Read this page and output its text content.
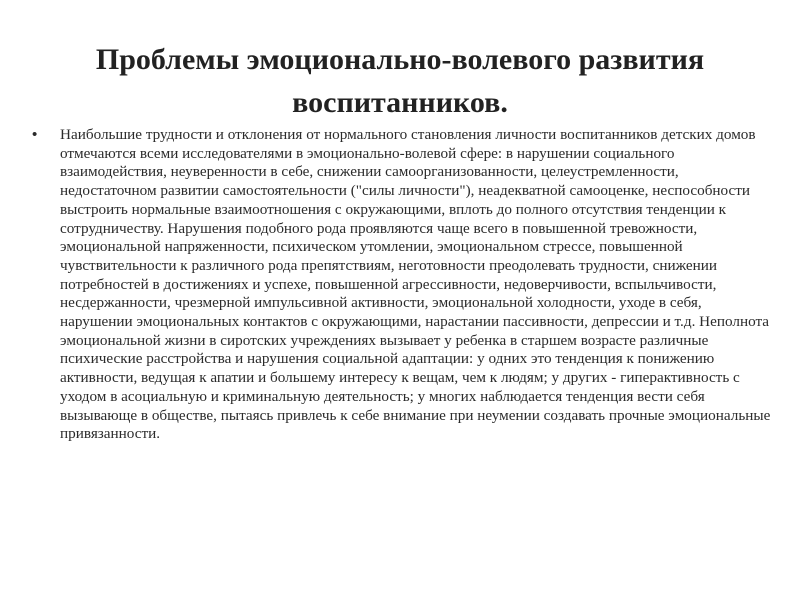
Проблемы эмоционально-волевого развития воспитанников.
• Наибольшие трудности и отклонения от нормального становления личности воспитанников детских домов отмечаются всеми исследователями в эмоционально-волевой сфере: в нарушении социального взаимодействия, неуверенности в себе, снижении самоорганизованности, целеустремленности, недостаточном развитии самостоятельности ("силы личности"), неадекватной самооценке, неспособности выстроить нормальные взаимоотношения с окружающими, вплоть до полного отсутствия тенденции к сотрудничеству. Нарушения подобного рода проявляются чаще всего в повышенной тревожности, эмоциональной напряженности, психическом утомлении, эмоциональном стрессе, повышенной чувствительности к различного рода препятствиям, неготовности преодолевать трудности, снижении потребностей в достижениях и успехе, повышенной агрессивности, недоверчивости, вспыльчивости, несдержанности, чрезмерной импульсивной активности, эмоциональной холодности, уходе в себя, нарушении эмоциональных контактов с окружающими, нарастании пассивности, депрессии и т.д. Неполнота эмоциональной жизни в сиротских учреждениях вызывает у ребенка в старшем возрасте различные психические расстройства и нарушения социальной адаптации: у одних это тенденция к понижению активности, ведущая к апатии и большему интересу к вещам, чем к людям; у других - гиперактивность с уходом в асоциальную и криминальную деятельность; у многих наблюдается тенденция вести себя вызывающе в обществе, пытаясь привлечь к себе внимание при неумении создавать прочные эмоциональные привязанности.
